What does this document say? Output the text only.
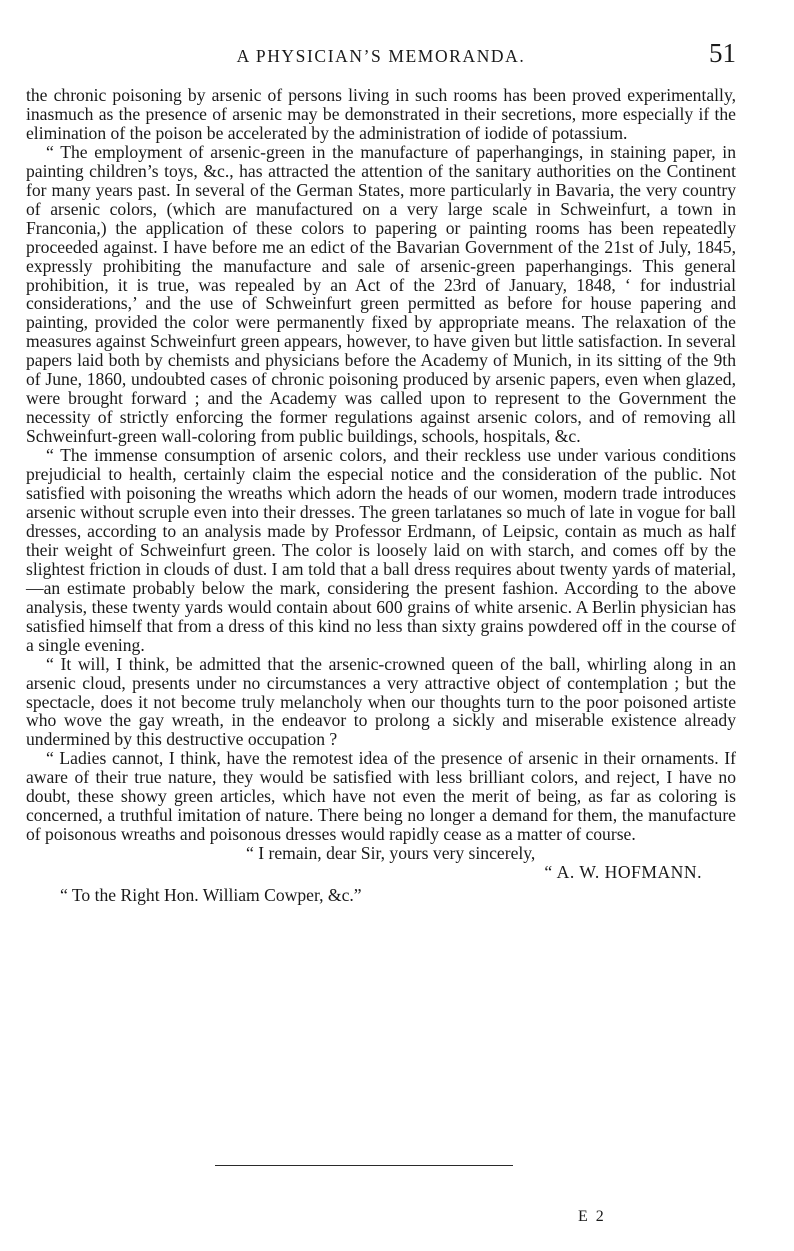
A PHYSICIAN’S MEMORANDA.	51

the chronic poisoning by arsenic of persons living in such rooms has been proved experimentally, inasmuch as the presence of arsenic may be demonstrated in their secretions, more especially if the elimination of the poison be accelerated by the administration of iodide of potassium.

“ The employment of arsenic-green in the manufacture of paperhangings, in staining paper, in painting children’s toys, &c., has attracted the attention of the sanitary authorities on the Continent for many years past. In several of the German States, more particularly in Bavaria, the very country of arsenic colors, (which are manufactured on a very large scale in Schweinfurt, a town in Franconia,) the application of these colors to papering or painting rooms has been repeatedly proceeded against. I have before me an edict of the Bavarian Government of the 21st of July, 1845, expressly prohibiting the manufacture and sale of arsenic-green paperhangings. This general prohibition, it is true, was repealed by an Act of the 23rd of January, 1848, ‘ for industrial considerations,’ and the use of Schweinfurt green permitted as before for house papering and painting, provided the color were permanently fixed by appropriate means. The relaxation of the measures against Schweinfurt green appears, however, to have given but little satisfaction. In several papers laid both by chemists and physicians before the Academy of Munich, in its sitting of the 9th of June, 1860, undoubted cases of chronic poisoning produced by arsenic papers, even when glazed, were brought forward ; and the Academy was called upon to represent to the Government the necessity of strictly enforcing the former regulations against arsenic colors, and of removing all Schweinfurt-green wall-coloring from public buildings, schools, hospitals, &c.

“ The immense consumption of arsenic colors, and their reckless use under various conditions prejudicial to health, certainly claim the especial notice and the consideration of the public. Not satisfied with poisoning the wreaths which adorn the heads of our women, modern trade introduces arsenic without scruple even into their dresses. The green tarlatanes so much of late in vogue for ball dresses, according to an analysis made by Professor Erdmann, of Leipsic, contain as much as half their weight of Schweinfurt green. The color is loosely laid on with starch, and comes off by the slightest friction in clouds of dust. I am told that a ball dress requires about twenty yards of material,—an estimate probably below the mark, considering the present fashion. According to the above analysis, these twenty yards would contain about 600 grains of white arsenic. A Berlin physician has satisfied himself that from a dress of this kind no less than sixty grains powdered off in the course of a single evening.

“ It will, I think, be admitted that the arsenic-crowned queen of the ball, whirling along in an arsenic cloud, presents under no circumstances a very attractive object of contemplation ; but the spectacle, does it not become truly melancholy when our thoughts turn to the poor poisoned artiste who wove the gay wreath, in the endeavor to prolong a sickly and miserable existence already undermined by this destructive occupation ?

“ Ladies cannot, I think, have the remotest idea of the presence of arsenic in their ornaments. If aware of their true nature, they would be satisfied with less brilliant colors, and reject, I have no doubt, these showy green articles, which have not even the merit of being, as far as coloring is concerned, a truthful imitation of nature. There being no longer a demand for them, the manufacture of poisonous wreaths and poisonous dresses would rapidly cease as a matter of course.

“ I remain, dear Sir, yours very sincerely,

“ A. W. HOFMANN.

“ To the Right Hon. William Cowper, &c.”

E 2
